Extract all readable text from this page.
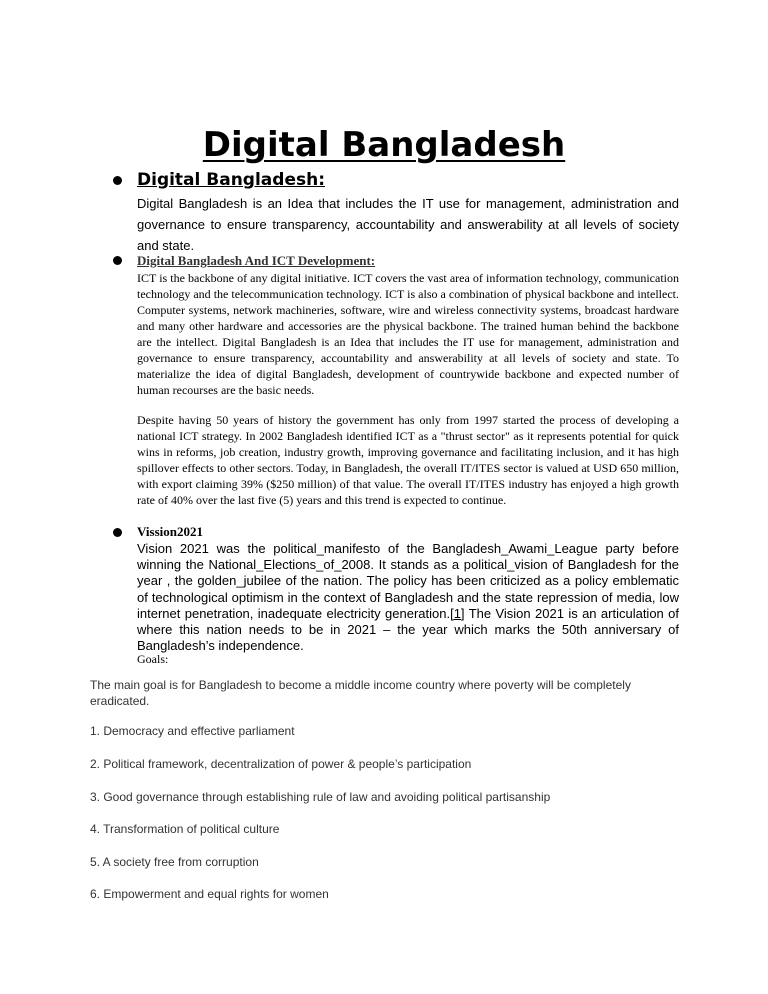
Digital Bangladesh
Digital Bangladesh:

Digital Bangladesh is an Idea that includes the IT use for management, administration and governance to ensure transparency, accountability and answerability at all levels of society and state.

Digital Bangladesh And ICT Development:

ICT is the backbone of any digital initiative. ICT covers the vast area of information technology, communication technology and the telecommunication technology. ICT is also a combination of physical backbone and intellect. Computer systems, network machineries, software, wire and wireless connectivity systems, broadcast hardware and many other hardware and accessories are the physical backbone. The trained human behind the backbone are the intellect. Digital Bangladesh is an Idea that includes the IT use for management, administration and governance to ensure transparency, accountability and answerability at all levels of society and state. To materialize the idea of digital Bangladesh, development of countrywide backbone and expected number of human recourses are the basic needs.

Despite having 50 years of history the government has only from 1997 started the process of developing a national ICT strategy. In 2002 Bangladesh identified ICT as a "thrust sector" as it represents potential for quick wins in reforms, job creation, industry growth, improving governance and facilitating inclusion, and it has high spillover effects to other sectors. Today, in Bangladesh, the overall IT/ITES sector is valued at USD 650 million, with export claiming 39% ($250 million) of that value. The overall IT/ITES industry has enjoyed a high growth rate of 40% over the last five (5) years and this trend is expected to continue.

Vission2021

Vision 2021 was the political_manifesto of the Bangladesh_Awami_League party before winning the National_Elections_of_2008. It stands as a political_vision of Bangladesh for the year , the golden_jubilee of the nation. The policy has been criticized as a policy emblematic of technological optimism in the context of Bangladesh and the state repression of media, low internet penetration, inadequate electricity generation.[1] The Vision 2021 is an articulation of where this nation needs to be in 2021 – the year which marks the 50th anniversary of Bangladesh’s independence.

Goals:

The main goal is for Bangladesh to become a middle income country where poverty will be completely eradicated.

1. Democracy and effective parliament
2. Political framework, decentralization of power & people’s participation
3. Good governance through establishing rule of law and avoiding political partisanship
4. Transformation of political culture
5. A society free from corruption
6. Empowerment and equal rights for women
